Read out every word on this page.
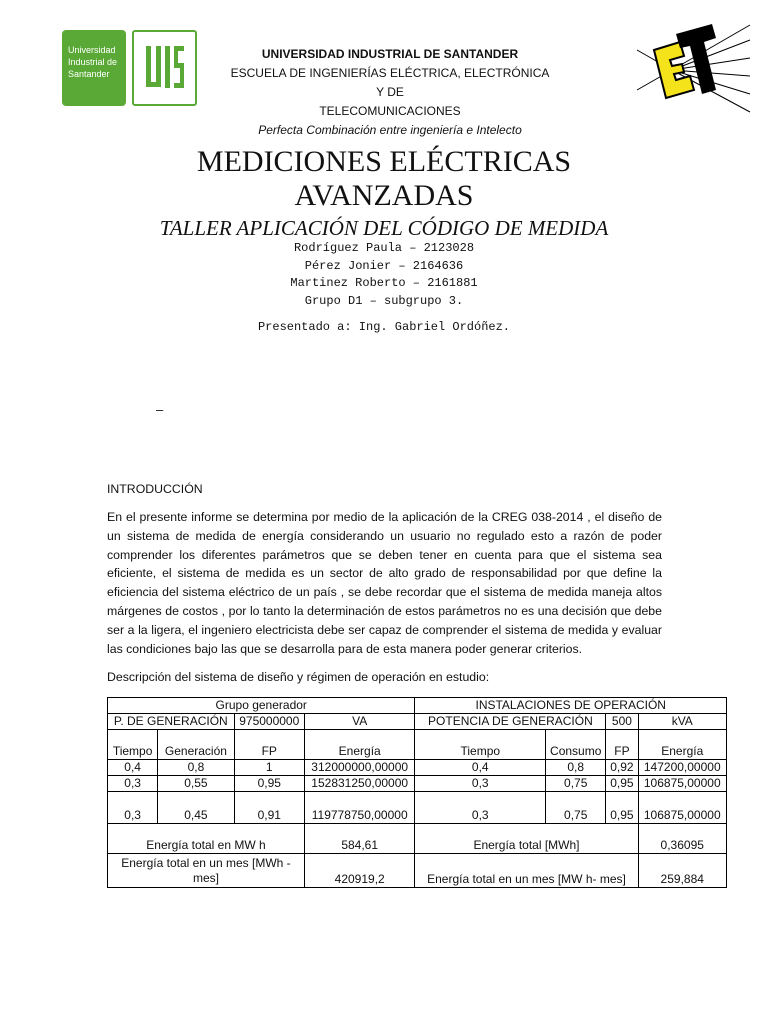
Universidad
Industrial de
Santander
UNIVERSIDAD INDUSTRIAL DE SANTANDER
ESCUELA DE INGENIERÍAS ELÉCTRICA, ELECTRÓNICA Y DE
TELECOMUNICACIONES
Perfecta Combinación entre ingeniería e Intelecto
MEDICIONES ELÉCTRICAS
AVANZADAS
TALLER APLICACIÓN DEL CÓDIGO DE MEDIDA
Rodríguez Paula – 2123028
Pérez Jonier – 2164636
Martinez Roberto – 2161881
Grupo D1 – subgrupo 3.
Presentado a: Ing. Gabriel Ordóñez.
–
INTRODUCCIÓN
En el presente informe se determina por medio de la aplicación de la CREG 038-2014 , el diseño de un sistema de medida de energía considerando un usuario no regulado esto a razón de poder comprender los diferentes parámetros que se deben tener en cuenta para que el sistema sea eficiente, el sistema de medida es un sector de alto grado de responsabilidad por que define la eficiencia del sistema eléctrico de un país , se debe recordar que el sistema de medida maneja altos márgenes de costos , por lo tanto la determinación de estos parámetros no es una decisión que debe ser a la ligera, el ingeniero electricista debe ser capaz de comprender el sistema de medida y evaluar las condiciones bajo las que se desarrolla para de esta manera poder generar criterios.
Descripción del sistema de diseño y régimen de operación en estudio:
Grupo generador				INSTALACIONES DE OPERACIÓN			
P. DE GENERACIÓN		975000000	VA	POTENCIA DE GENERACIÓN		500	kVA
Tiempo	Generación	FP	Energía	Tiempo	Consumo	FP	Energía
0,4	0,8	1	312000000,00000	0,4	0,8	0,92	147200,00000
0,3	0,55	0,95	152831250,00000	0,3	0,75	0,95	106875,00000
0,3	0,45	0,91	119778750,00000	0,3	0,75	0,95	106875,00000
Energía total en MW h			584,61	Energía total [MWh]			0,36095
Energía total en un mes [MWh - mes]			420919,2	Energía total en un mes [MW h- mes]			259,884
